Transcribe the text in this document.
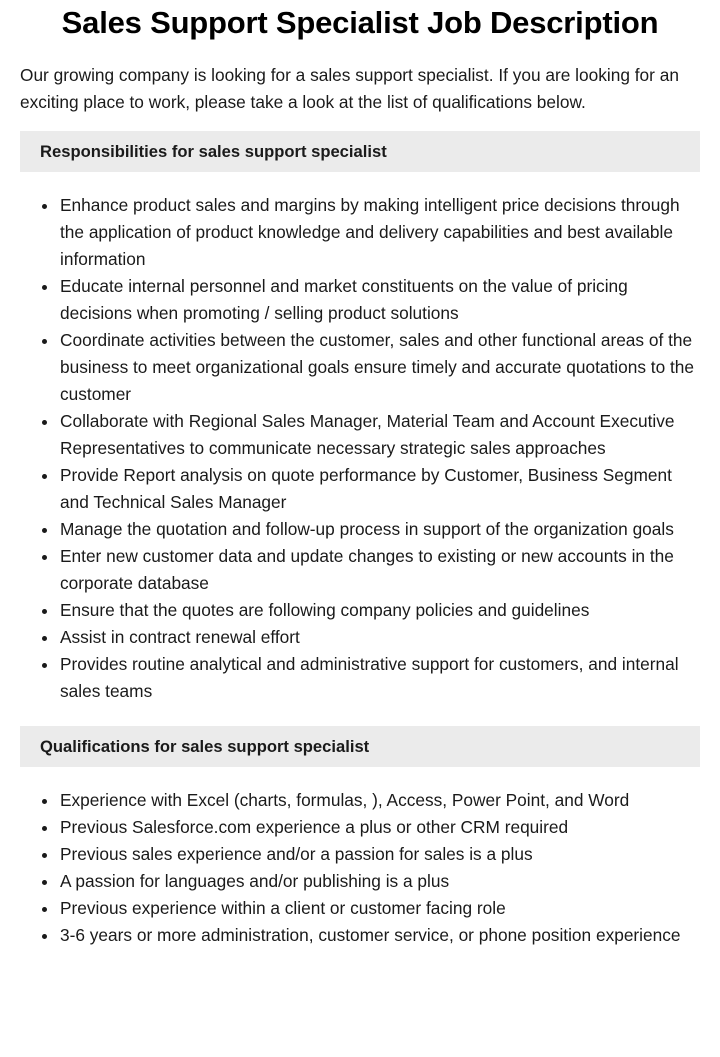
Sales Support Specialist Job Description

Our growing company is looking for a sales support specialist. If you are looking for an exciting place to work, please take a look at the list of qualifications below.

Responsibilities for sales support specialist
Enhance product sales and margins by making intelligent price decisions through the application of product knowledge and delivery capabilities and best available information
Educate internal personnel and market constituents on the value of pricing decisions when promoting / selling product solutions
Coordinate activities between the customer, sales and other functional areas of the business to meet organizational goals ensure timely and accurate quotations to the customer
Collaborate with Regional Sales Manager, Material Team and Account Executive Representatives to communicate necessary strategic sales approaches
Provide Report analysis on quote performance by Customer, Business Segment and Technical Sales Manager
Manage the quotation and follow-up process in support of the organization goals
Enter new customer data and update changes to existing or new accounts in the corporate database
Ensure that the quotes are following company policies and guidelines
Assist in contract renewal effort
Provides routine analytical and administrative support for customers, and internal sales teams
Qualifications for sales support specialist
Experience with Excel (charts, formulas, ), Access, Power Point, and Word
Previous Salesforce.com experience a plus or other CRM required
Previous sales experience and/or a passion for sales is a plus
A passion for languages and/or publishing is a plus
Previous experience within a client or customer facing role
3-6 years or more administration, customer service, or phone position experience
